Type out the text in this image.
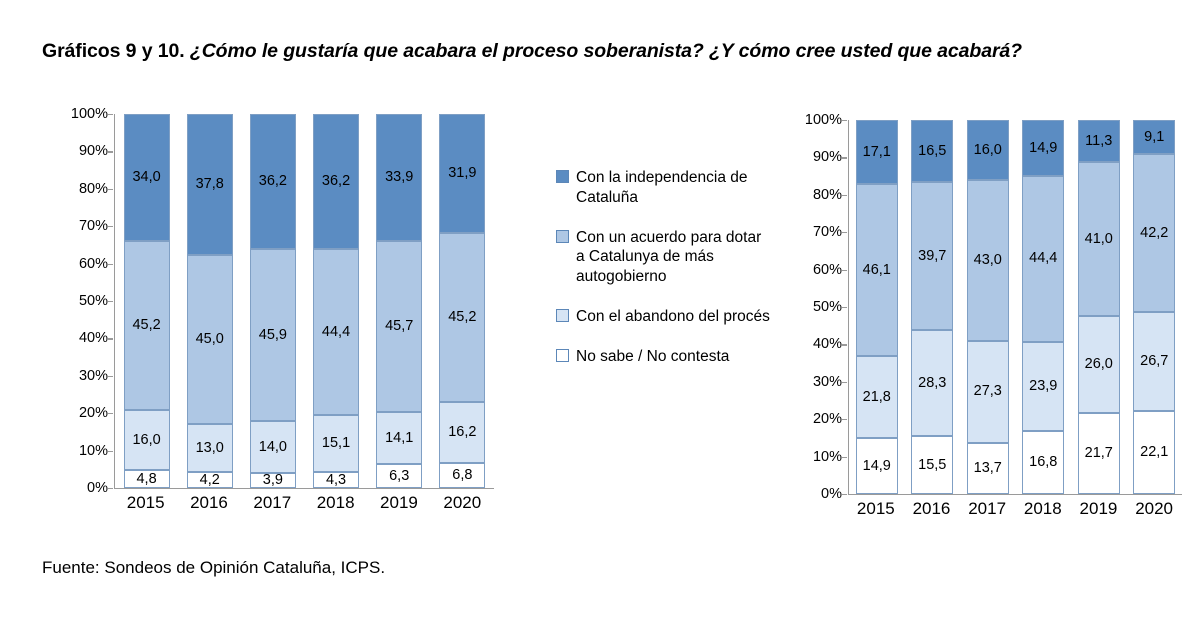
Gráficos 9 y 10. ¿Cómo le gustaría que acabara el proceso soberanista? ¿Y cómo cree usted que acabará?
100%
90%
80%
70%
60%
50%
40%
30%
20%
10%
0%
34,0
45,2
16,0
4,8
37,8
45,0
13,0
4,2
36,2
45,9
14,0
3,9
36,2
44,4
15,1
4,3
33,9
45,7
14,1
6,3
31,9
45,2
16,2
6,8
2015 2016 2017 2018 2019 2020
100%
90%
80%
70%
60%
50%
40%
30%
20%
10%
0%
17,1
46,1
21,8
14,9
16,5
39,7
28,3
15,5
16,0
43,0
27,3
13,7
14,9
44,4
23,9
16,8
11,3
41,0
26,0
21,7
9,1
42,2
26,7
22,1
2015 2016 2017 2018 2019 2020
Con la independencia de Cataluña
Con un acuerdo para dotar a Catalunya de más autogobierno
Con el abandono del procés
No sabe / No contesta
Fuente: Sondeos de Opinión Cataluña, ICPS.
